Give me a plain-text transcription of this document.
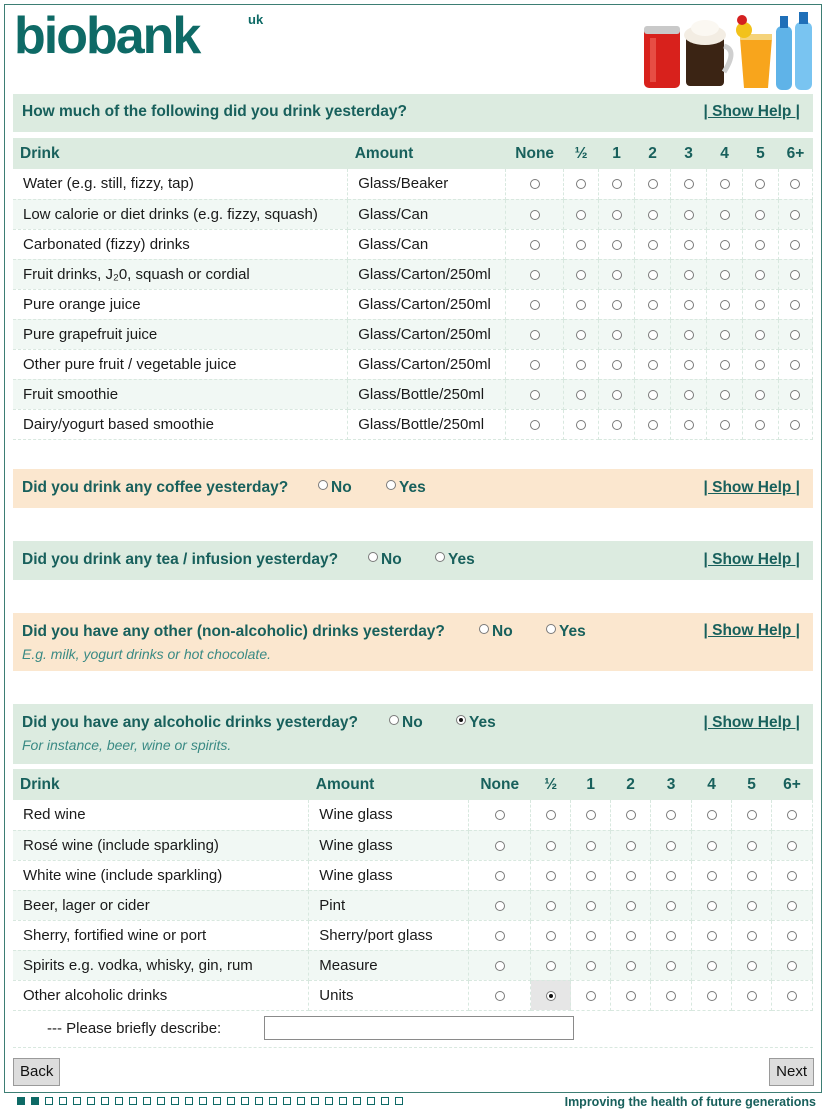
biobank	uk
How much of the following did you drink yesterday?	| Show Help |
Drink	Amount	None	½	1	2	3	4	5	6+
Water (e.g. still, fizzy, tap)	Glass/Beaker								
Low calorie or diet drinks (e.g. fizzy, squash)	Glass/Can								
Carbonated (fizzy) drinks	Glass/Can								
Fruit drinks, J₂0, squash or cordial	Glass/Carton/250ml								
Pure orange juice	Glass/Carton/250ml								
Pure grapefruit juice	Glass/Carton/250ml								
Other pure fruit / vegetable juice	Glass/Carton/250ml								
Fruit smoothie	Glass/Bottle/250ml								
Dairy/yogurt based smoothie	Glass/Bottle/250ml								
Did you drink any coffee yesterday?	No	Yes	| Show Help |
Did you drink any tea / infusion yesterday?	No	Yes	| Show Help |
Did you have any other (non-alcoholic) drinks yesterday?	No	Yes
E.g. milk, yogurt drinks or hot chocolate.
| Show Help |
Did you have any alcoholic drinks yesterday?	No	Yes
For instance, beer, wine or spirits.
| Show Help |
Drink	Amount	None	½	1	2	3	4	5	6+
Red wine	Wine glass								
Rosé wine (include sparkling)	Wine glass								
White wine (include sparkling)	Wine glass								
Beer, lager or cider	Pint								
Sherry, fortified wine or port	Sherry/port glass								
Spirits e.g. vodka, whisky, gin, rum	Measure								
Other alcoholic drinks	Units								
--- Please briefly describe:
Back	Next
Improving the health of future generations
